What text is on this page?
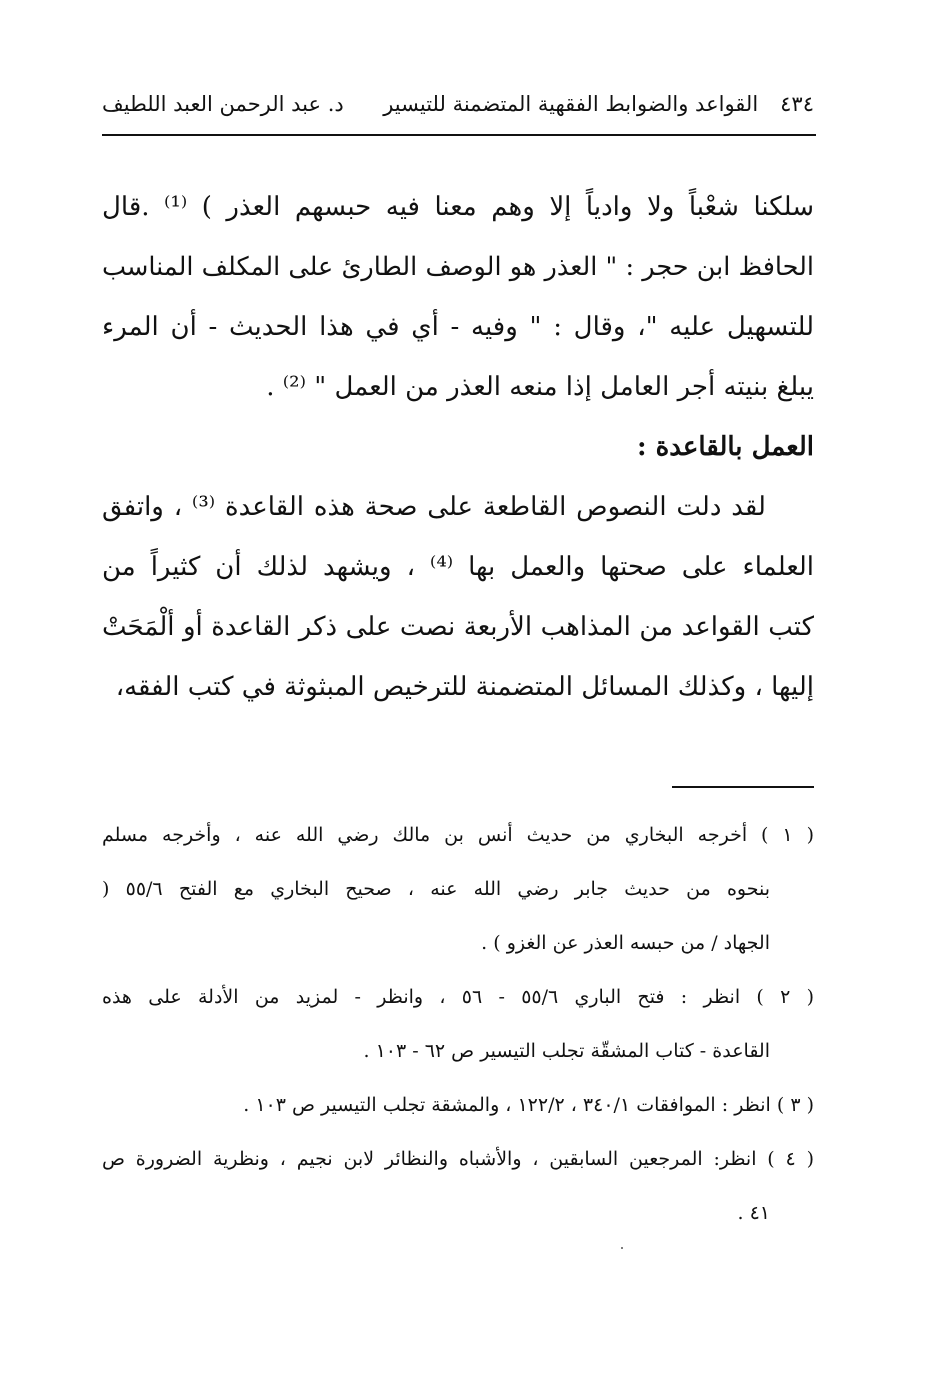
٤٣٤القواعد والضوابط الفقهية المتضمنة للتيسير
د. عبد الرحمن العبد اللطيف
سلكنا شعْباً ولا وادياً إلا وهم معنا فيه حبسهم العذر ) ⁽¹⁾ .قال
الحافظ ابن حجر : " العذر هو الوصف الطارئ على المكلف المناسب
للتسهيل عليه "، وقال : " وفيه - أي في هذا الحديث - أن المرء
يبلغ بنيته أجر العامل إذا منعه العذر من العمل " ⁽²⁾ .
العمل بالقاعدة :
لقد دلت النصوص القاطعة على صحة هذه القاعدة ⁽³⁾ ، واتفق
العلماء على صحتها والعمل بها ⁽⁴⁾ ، ويشهد لذلك أن كثيراً من
كتب القواعد من المذاهب الأربعة نصت على ذكر القاعدة أو ألْمَحَتْ
إليها ، وكذلك المسائل المتضمنة للترخيص المبثوثة في كتب الفقه،
( ١ ) أخرجه البخاري من حديث أنس بن مالك رضي الله عنه ، وأخرجه مسلم
بنحوه من حديث جابر رضي الله عنه ، صحيح البخاري مع الفتح ٥٥/٦ (
الجهاد / من حبسه العذر عن الغزو ) .
( ٢ ) انظر : فتح الباري ٥٥/٦ - ٥٦ ، وانظر - لمزيد من الأدلة على هذه
القاعدة - كتاب المشقّة تجلب التيسير ص ٦٢ - ١٠٣ .
( ٣ ) انظر : الموافقات ٣٤٠/١ ، ١٢٢/٢ ، والمشقة تجلب التيسير ص ١٠٣ .
( ٤ ) انظر: المرجعين السابقين ، والأشباه والنظائر لابن نجيم ، ونظرية الضرورة ص
٤١ .
